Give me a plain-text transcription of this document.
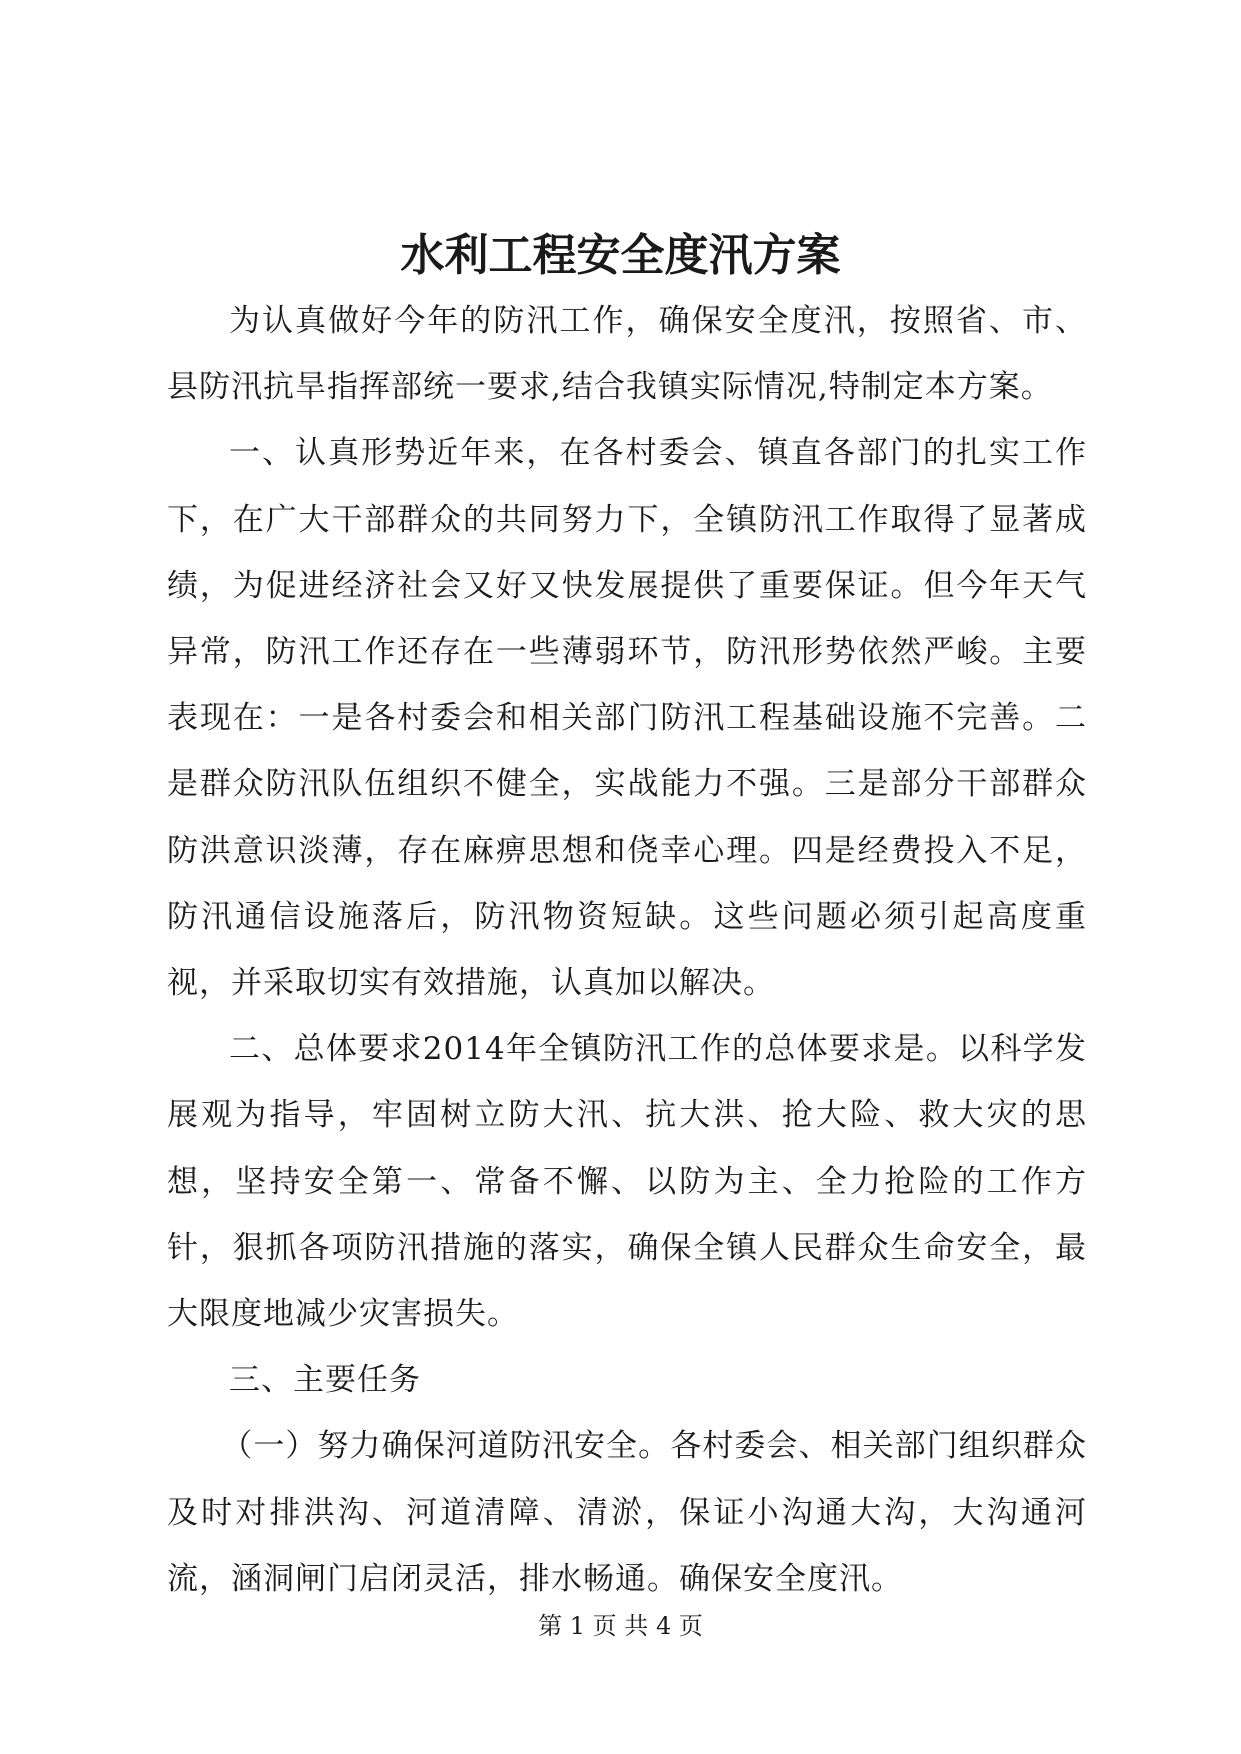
水利工程安全度汛方案

为认真做好今年的防汛工作，确保安全度汛，按照省、市、县防汛抗旱指挥部统一要求,结合我镇实际情况,特制定本方案。

一、认真形势近年来，在各村委会、镇直各部门的扎实工作下，在广大干部群众的共同努力下，全镇防汛工作取得了显著成绩，为促进经济社会又好又快发展提供了重要保证。但今年天气异常，防汛工作还存在一些薄弱环节，防汛形势依然严峻。主要表现在：一是各村委会和相关部门防汛工程基础设施不完善。二是群众防汛队伍组织不健全，实战能力不强。三是部分干部群众防洪意识淡薄，存在麻痹思想和侥幸心理。四是经费投入不足，防汛通信设施落后，防汛物资短缺。这些问题必须引起高度重视，并采取切实有效措施，认真加以解决。

二、总体要求2014年全镇防汛工作的总体要求是。以科学发展观为指导，牢固树立防大汛、抗大洪、抢大险、救大灾的思想，坚持安全第一、常备不懈、以防为主、全力抢险的工作方针，狠抓各项防汛措施的落实，确保全镇人民群众生命安全，最大限度地减少灾害损失。

三、主要任务

（一）努力确保河道防汛安全。各村委会、相关部门组织群众及时对排洪沟、河道清障、清淤，保证小沟通大沟，大沟通河流，涵洞闸门启闭灵活，排水畅通。确保安全度汛。

第 1 页 共 4 页
